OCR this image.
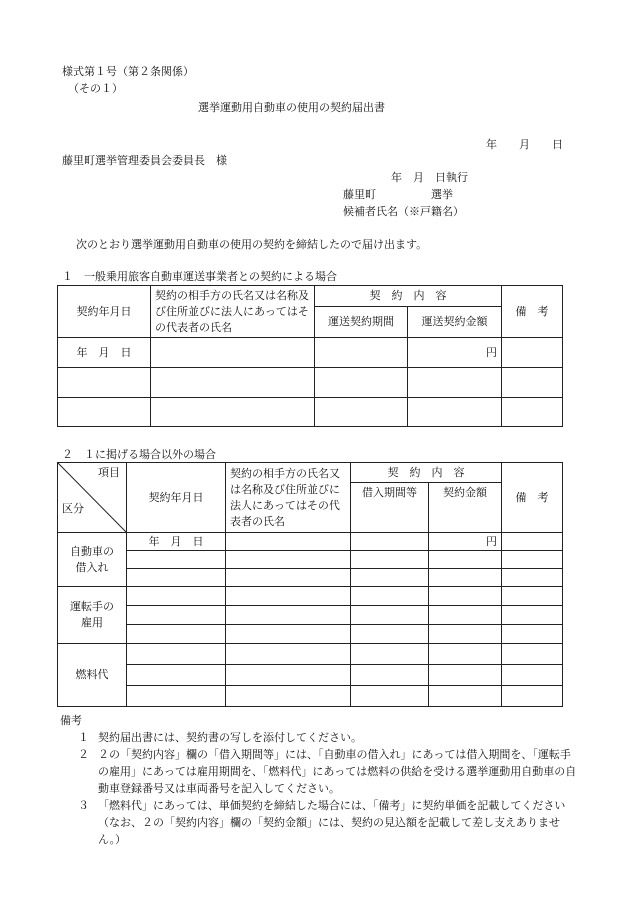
様式第１号（第２条関係）
（その１）
選挙運動用自動車の使用の契約届出書
年　　月　　日
藤里町選挙管理委員会委員長　様
年　月　日執行
藤里町　　　　　選挙
候補者氏名（※戸籍名）
次のとおり選挙運動用自動車の使用の契約を締結したので届け出ます。
１　一般乗用旅客自動車運送事業者との契約による場合
契約年月日	契約の相手方の氏名又は名称及び住所並びに法人にあってはその代表者の氏名	契　約　内　容		備　考
		運送契約期間	運送契約金額	
年　月　日			円	

２　１に掲げる場合以外の場合
項目
区分	契約年月日	契約の相手方の氏名又は名称及び住所並びに法人にあってはその代表者の氏名	契　約　内　容		備　考
			借入期間等	契約金額	
自動車の借入れ	年　月　日			円	

運転手の雇用					

燃料代					

備考
１ 契約届出書には、契約書の写しを添付してください。
２ ２の「契約内容」欄の「借入期間等」には、「自動車の借入れ」にあっては借入期間を、「運転手の雇用」にあっては雇用期間を、「燃料代」にあっては燃料の供給を受ける選挙運動用自動車の自動車登録番号又は車両番号を記入してください。
３ 「燃料代」にあっては、単価契約を締結した場合には、「備考」に契約単価を記載してください（なお、２の「契約内容」欄の「契約金額」には、契約の見込額を記載して差し支えありません。）
